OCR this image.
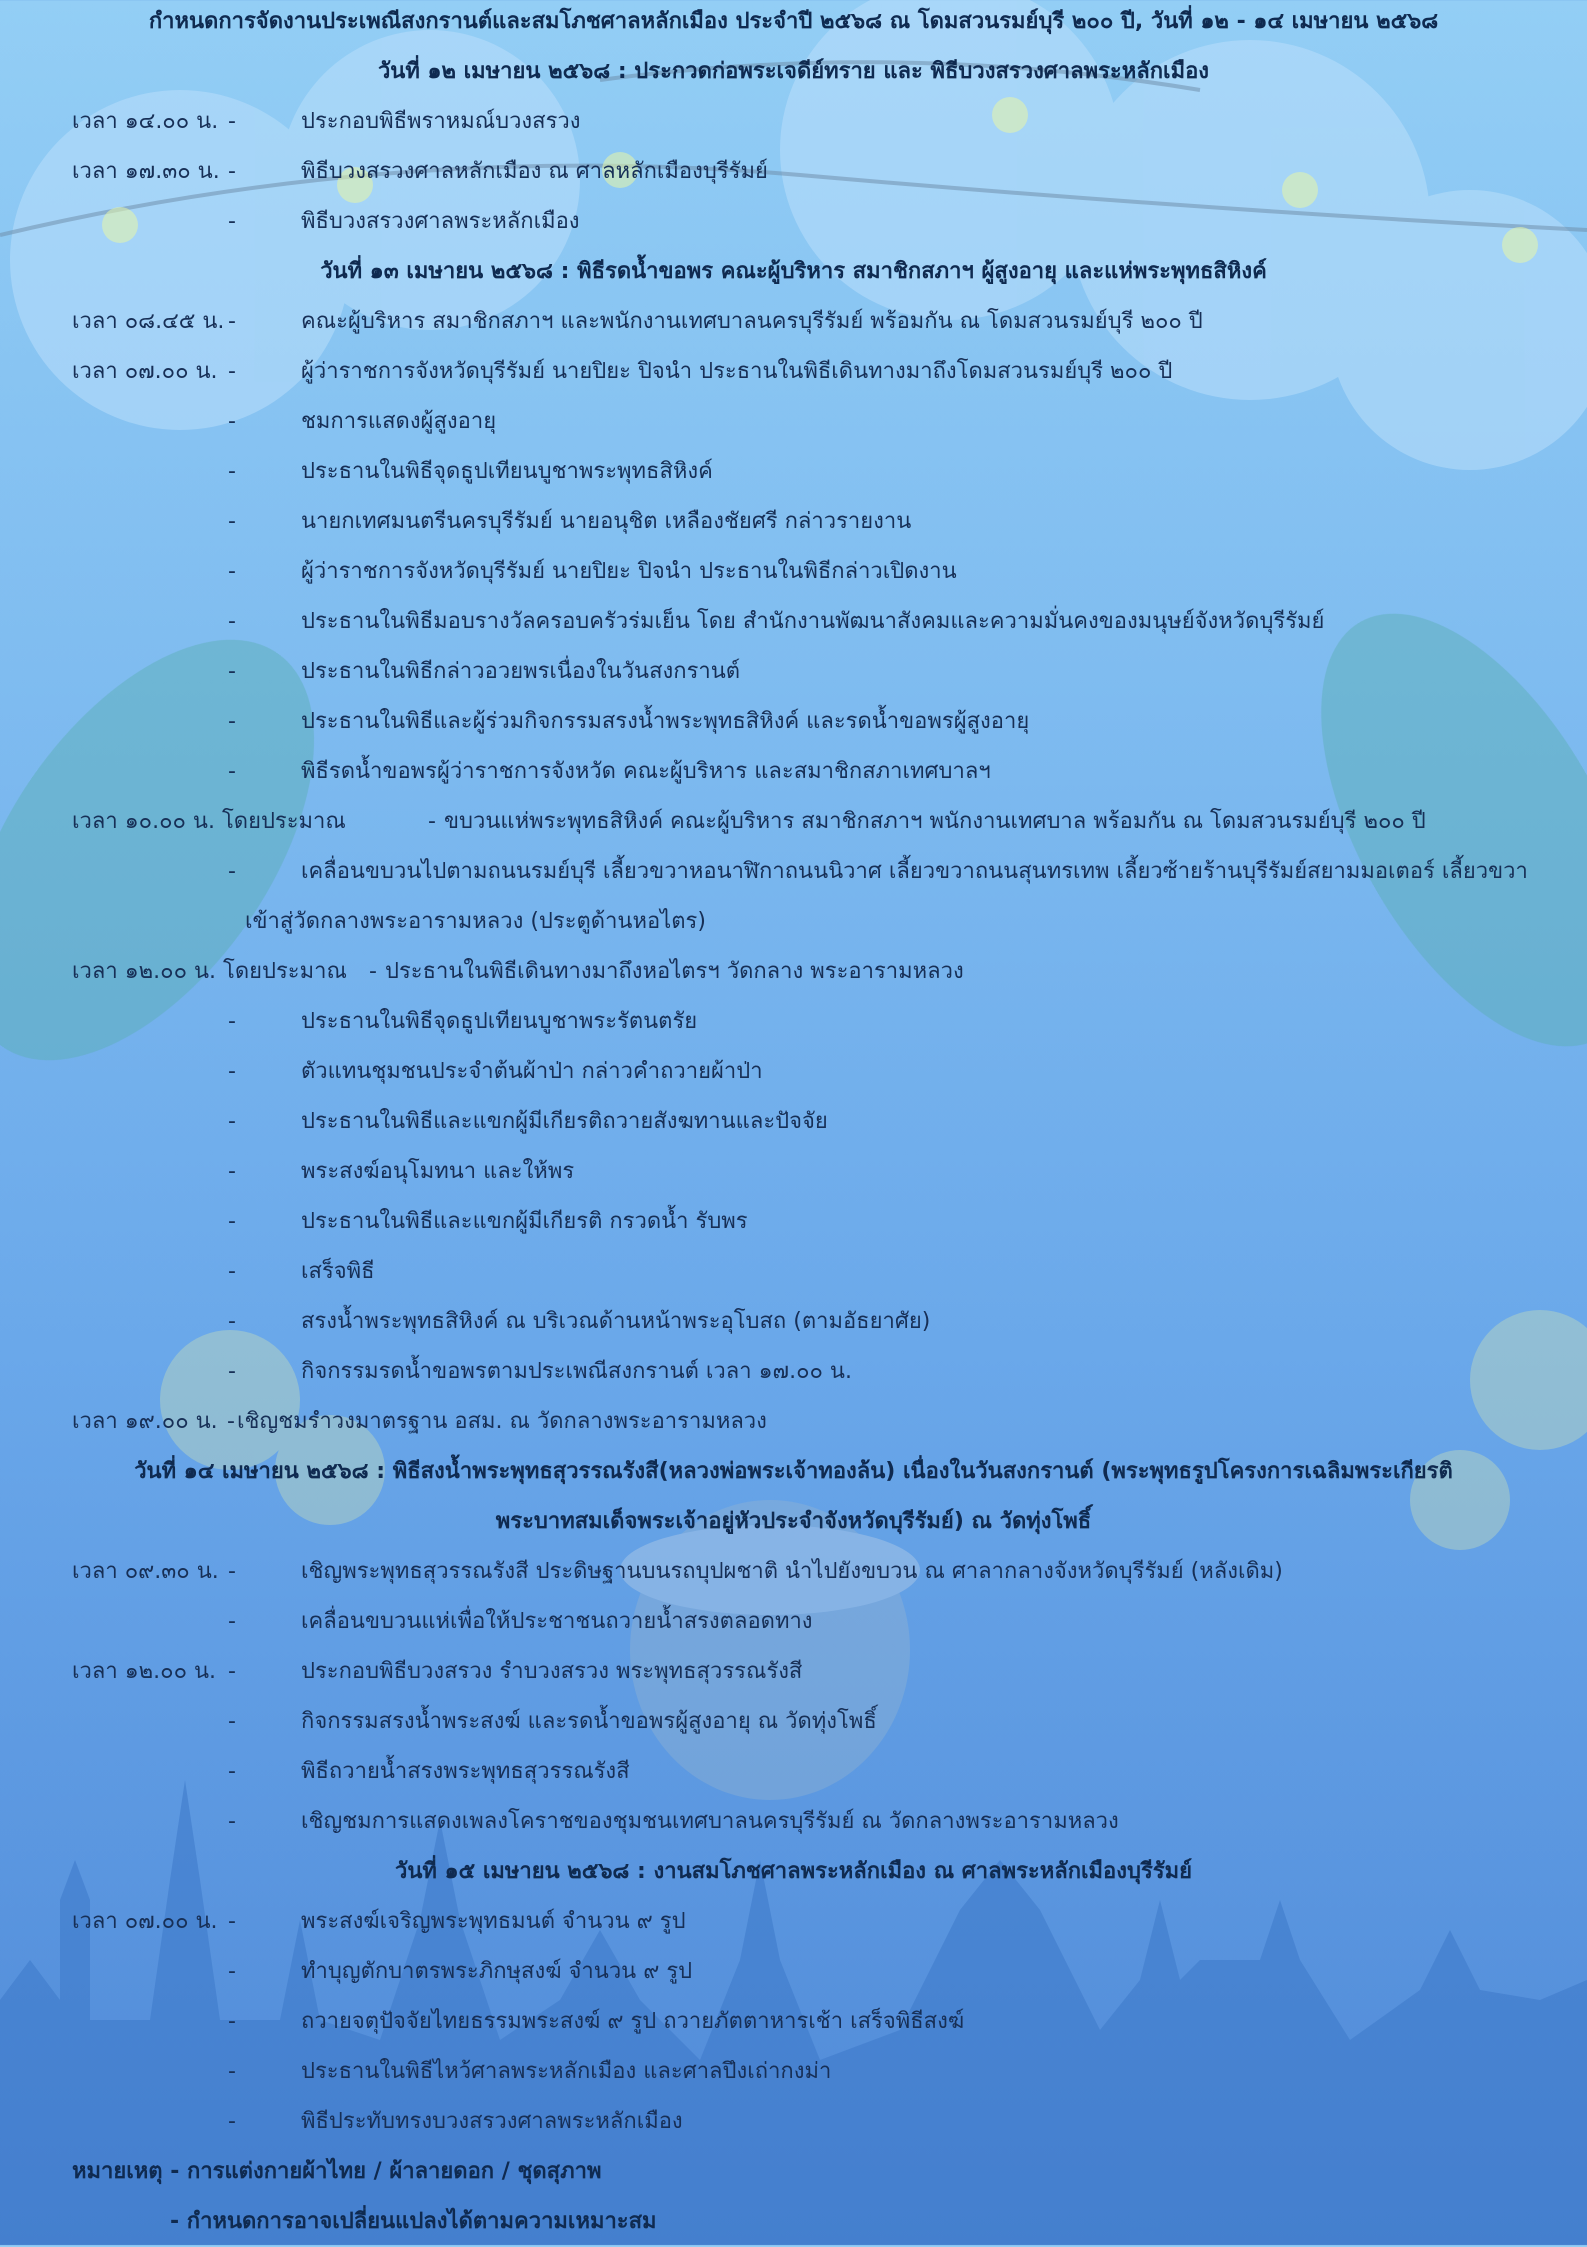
กำหนดการจัดงานประเพณีสงกรานต์และสมโภชศาลหลักเมือง ประจำปี ๒๕๖๘ ณ โดมสวนรมย์บุรี ๒๐๐ ปี, วันที่ ๑๒ - ๑๔ เมษายน ๒๕๖๘
วันที่ ๑๒ เมษายน ๒๕๖๘ : ประกวดก่อพระเจดีย์ทราย และ พิธีบวงสรวงศาลพระหลักเมือง
เวลา ๑๔.๐๐ น. -	ประกอบพิธีพราหมณ์บวงสรวง
เวลา ๑๗.๓๐ น. -	พิธีบวงสรวงศาลหลักเมือง ณ ศาลหลักเมืองบุรีรัมย์
-	พิธีบวงสรวงศาลพระหลักเมือง
วันที่ ๑๓ เมษายน ๒๕๖๘ : พิธีรดน้ำขอพร คณะผู้บริหาร สมาชิกสภาฯ ผู้สูงอายุ และแห่พระพุทธสิหิงค์
เวลา ๐๘.๔๕ น. -	คณะผู้บริหาร สมาชิกสภาฯ และพนักงานเทศบาลนครบุรีรัมย์ พร้อมกัน ณ โดมสวนรมย์บุรี ๒๐๐ ปี
เวลา ๐๗.๐๐ น. -	ผู้ว่าราชการจังหวัดบุรีรัมย์ นายปิยะ ปิจนำ ประธานในพิธีเดินทางมาถึงโดมสวนรมย์บุรี ๒๐๐ ปี
-	ชมการแสดงผู้สูงอายุ
-	ประธานในพิธีจุดธูปเทียนบูชาพระพุทธสิหิงค์
-	นายกเทศมนตรีนครบุรีรัมย์ นายอนุชิต เหลืองชัยศรี กล่าวรายงาน
-	ผู้ว่าราชการจังหวัดบุรีรัมย์ นายปิยะ ปิจนำ ประธานในพิธีกล่าวเปิดงาน
-	ประธานในพิธีมอบรางวัลครอบครัวร่มเย็น โดย สำนักงานพัฒนาสังคมและความมั่นคงของมนุษย์จังหวัดบุรีรัมย์
-	ประธานในพิธีกล่าวอวยพรเนื่องในวันสงกรานต์
-	ประธานในพิธีและผู้ร่วมกิจกรรมสรงน้ำพระพุทธสิหิงค์ และรดน้ำขอพรผู้สูงอายุ
-	พิธีรดน้ำขอพรผู้ว่าราชการจังหวัด คณะผู้บริหาร และสมาชิกสภาเทศบาลฯ
เวลา ๑๐.๐๐ น. โดยประมาณ	- ขบวนแห่พระพุทธสิหิงค์ คณะผู้บริหาร สมาชิกสภาฯ พนักงานเทศบาล พร้อมกัน ณ โดมสวนรมย์บุรี ๒๐๐ ปี
-	เคลื่อนขบวนไปตามถนนรมย์บุรี เลี้ยวขวาหอนาฬิกาถนนนิวาศ เลี้ยวขวาถนนสุนทรเทพ เลี้ยวซ้ายร้านบุรีรัมย์สยามมอเตอร์ เลี้ยวขวา
เข้าสู่วัดกลางพระอารามหลวง (ประตูด้านหอไตร)
เวลา ๑๒.๐๐ น. โดยประมาณ - ประธานในพิธีเดินทางมาถึงหอไตรฯ วัดกลาง พระอารามหลวง
-	ประธานในพิธีจุดธูปเทียนบูชาพระรัตนตรัย
-	ตัวแทนชุมชนประจำต้นผ้าป่า กล่าวคำถวายผ้าป่า
-	ประธานในพิธีและแขกผู้มีเกียรติถวายสังฆทานและปัจจัย
-	พระสงฆ์อนุโมทนา และให้พร
-	ประธานในพิธีและแขกผู้มีเกียรติ กรวดน้ำ รับพร
-	เสร็จพิธี
-	สรงน้ำพระพุทธสิหิงค์ ณ บริเวณด้านหน้าพระอุโบสถ (ตามอัธยาศัย)
-	กิจกรรมรดน้ำขอพรตามประเพณีสงกรานต์ เวลา ๑๗.๐๐ น.
เวลา ๑๙.๐๐ น. - เชิญชมรำวงมาตรฐาน อสม. ณ วัดกลางพระอารามหลวง
วันที่ ๑๔ เมษายน ๒๕๖๘ : พิธีสงน้ำพระพุทธสุวรรณรังสี(หลวงพ่อพระเจ้าทองล้น) เนื่องในวันสงกรานต์ (พระพุทธรูปโครงการเฉลิมพระเกียรติ
พระบาทสมเด็จพระเจ้าอยู่หัวประจำจังหวัดบุรีรัมย์) ณ วัดทุ่งโพธิ์
เวลา ๐๙.๓๐ น. -	เชิญพระพุทธสุวรรณรังสี ประดิษฐานบนรถบุปผชาติ นำไปยังขบวน ณ ศาลากลางจังหวัดบุรีรัมย์ (หลังเดิม)
-	เคลื่อนขบวนแห่เพื่อให้ประชาชนถวายน้ำสรงตลอดทาง
เวลา ๑๒.๐๐ น. -	ประกอบพิธีบวงสรวง รำบวงสรวง พระพุทธสุวรรณรังสี
-	กิจกรรมสรงน้ำพระสงฆ์ และรดน้ำขอพรผู้สูงอายุ ณ วัดทุ่งโพธิ์
-	พิธีถวายน้ำสรงพระพุทธสุวรรณรังสี
-	เชิญชมการแสดงเพลงโคราชของชุมชนเทศบาลนครบุรีรัมย์ ณ วัดกลางพระอารามหลวง
วันที่ ๑๕ เมษายน ๒๕๖๘ : งานสมโภชศาลพระหลักเมือง ณ ศาลพระหลักเมืองบุรีรัมย์
เวลา ๐๗.๐๐ น. -	พระสงฆ์เจริญพระพุทธมนต์ จำนวน ๙ รูป
-	ทำบุญตักบาตรพระภิกษุสงฆ์ จำนวน ๙ รูป
-	ถวายจตุปัจจัยไทยธรรมพระสงฆ์ ๙ รูป ถวายภัตตาหารเช้า เสร็จพิธีสงฆ์
-	ประธานในพิธีไหว้ศาลพระหลักเมือง และศาลปึงเถ่ากงม่า
-	พิธีประทับทรงบวงสรวงศาลพระหลักเมือง
หมายเหตุ - การแต่งกายผ้าไทย / ผ้าลายดอก / ชุดสุภาพ
- กำหนดการอาจเปลี่ยนแปลงได้ตามความเหมาะสม
